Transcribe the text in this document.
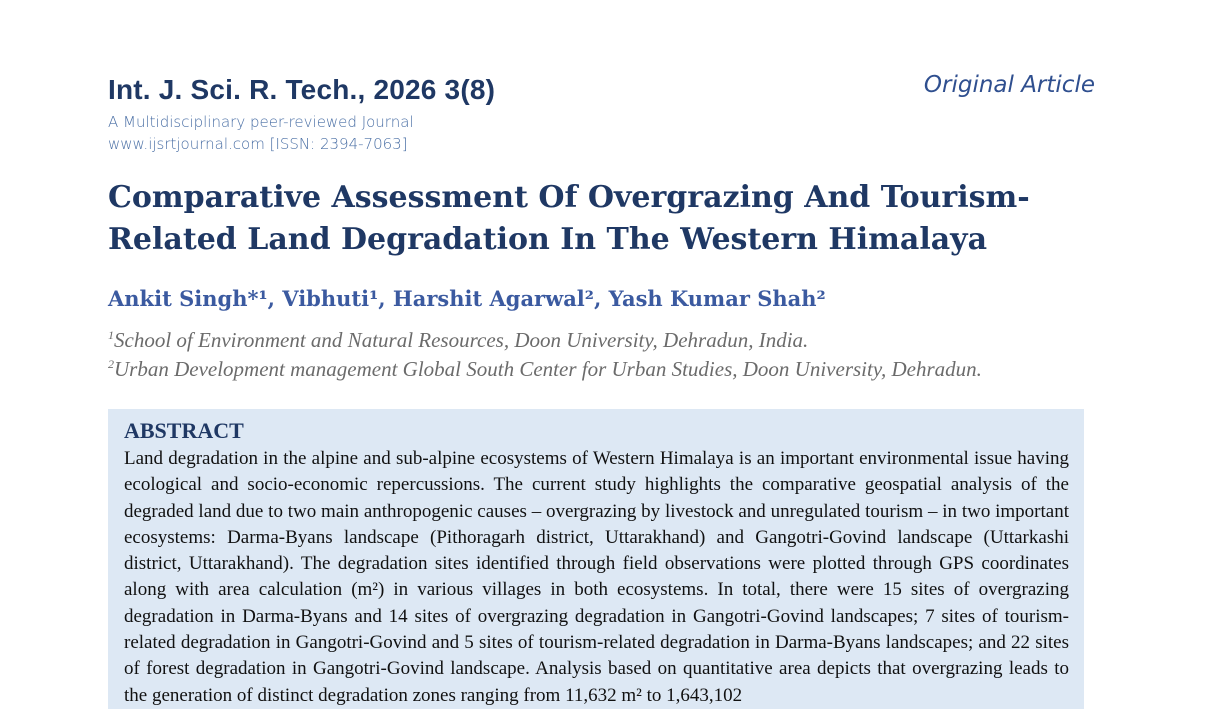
Int. J. Sci. R. Tech., 2026 3(8)	Original Article
A Multidisciplinary peer-reviewed Journal
www.ijsrtjournal.com [ISSN: 2394-7063]
Comparative Assessment Of Overgrazing And Tourism-Related Land Degradation In The Western Himalaya
Ankit Singh*¹, Vibhuti¹, Harshit Agarwal², Yash Kumar Shah²
$^1$School of Environment and Natural Resources, Doon University, Dehradun, India.
$^2$Urban Development management Global South Center for Urban Studies, Doon University, Dehradun.
ABSTRACT
Land degradation in the alpine and sub-alpine ecosystems of Western Himalaya is an important environmental issue having ecological and socio-economic repercussions. The current study highlights the comparative geospatial analysis of the degraded land due to two main anthropogenic causes – overgrazing by livestock and unregulated tourism – in two important ecosystems: Darma-Byans landscape (Pithoragarh district, Uttarakhand) and Gangotri-Govind landscape (Uttarkashi district, Uttarakhand). The degradation sites identified through field observations were plotted through GPS coordinates along with area calculation (m²) in various villages in both ecosystems. In total, there were 15 sites of overgrazing degradation in Darma-Byans and 14 sites of overgrazing degradation in Gangotri-Govind landscapes; 7 sites of tourism-related degradation in Gangotri-Govind and 5 sites of tourism-related degradation in Darma-Byans landscapes; and 22 sites of forest degradation in Gangotri-Govind landscape. Analysis based on quantitative area depicts that overgrazing leads to the generation of distinct degradation zones ranging from 11,632 m² to 1,643,102
